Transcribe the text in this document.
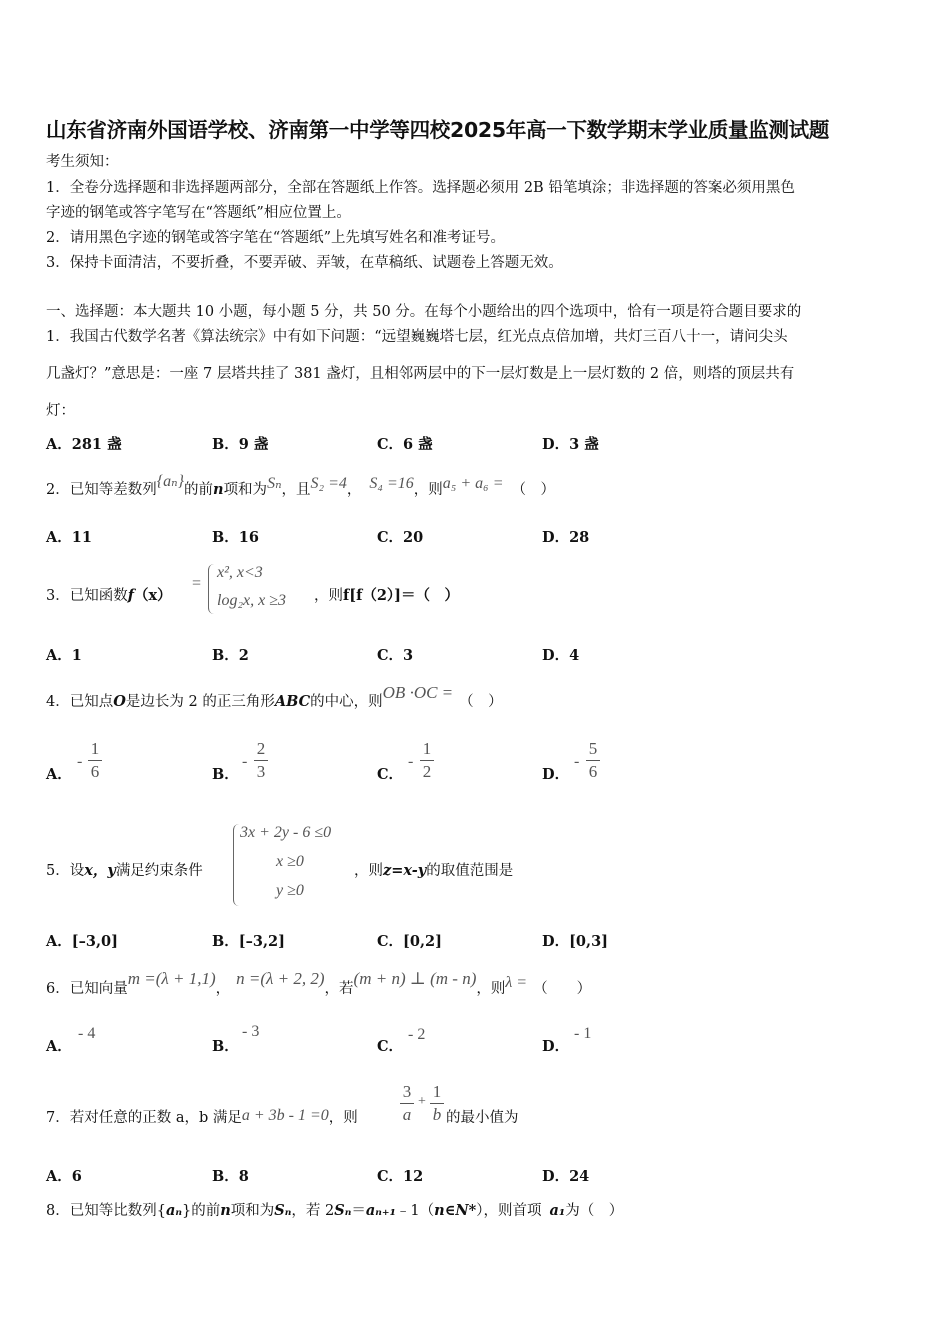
山东省济南外国语学校、济南第一中学等四校2025年高一下数学期末学业质量监测试题
考生须知：
1．全卷分选择题和非选择题两部分，全部在答题纸上作答。选择题必须用 2B 铅笔填涂；非选择题的答案必须用黑色
字迹的钢笔或答字笔写在“答题纸”相应位置上。
2．请用黑色字迹的钢笔或答字笔在“答题纸”上先填写姓名和准考证号。
3．保持卡面清洁，不要折叠，不要弄破、弄皱，在草稿纸、试题卷上答题无效。
一、选择题：本大题共 10 小题，每小题 5 分，共 50 分。在每个小题给出的四个选项中，恰有一项是符合题目要求的
1．我国古代数学名著《算法统宗》中有如下问题：“远望巍巍塔七层，红光点点倍加增，共灯三百八十一，请问尖头
几盏灯？”意思是：一座 7 层塔共挂了 381 盏灯，且相邻两层中的下一层灯数是上一层灯数的 2 倍，则塔的顶层共有
灯：
A．281 盏	B．9 盏	C．6 盏	D．3 盏
2．已知等差数列{aₙ}的前n项和为Sₙ，且S₂ =4， S₄ =16，则a₅ + a₆ = （　）
A．11	B．16	C．20	D．28
3．已知函数f（x）
=
x², x<3
log₂x, x ≥3 ，则f[f（2）]＝（　）
A．1	B．2	C．3	D．4
4．已知点O是边长为 2 的正三角形ABC的中心，则OB ·OC = （　）
A．
-
1
6	B．
-
2
3	C．
-
1
2	D．
-
5
6
5．设x，y满足约束条件
3x + 2y - 6 ≤0
x ≥0
y ≥0
，则z=x-y的取值范围是
A．[–3,0]	B．[–3,2]	C．[0,2]	D．[0,3]
6．已知向量m =(λ + 1,1)，n =(λ + 2, 2)，若(m + n) ⊥ (m - n)，则λ = （　　）
A．
- 4
B．
- 3
C．
- 2
D．
- 1
7．若对任意的正数 a，b 满足a + 3b - 1 =0，则
3
a
+
1
b 的最小值为
A．6	B．8	C．12	D．24
8．已知等比数列{aₙ}的前n项和为Sₙ，若 2Sₙ＝aₙ₊₁﹣1（n∈N*），则首项 a₁为（　）
